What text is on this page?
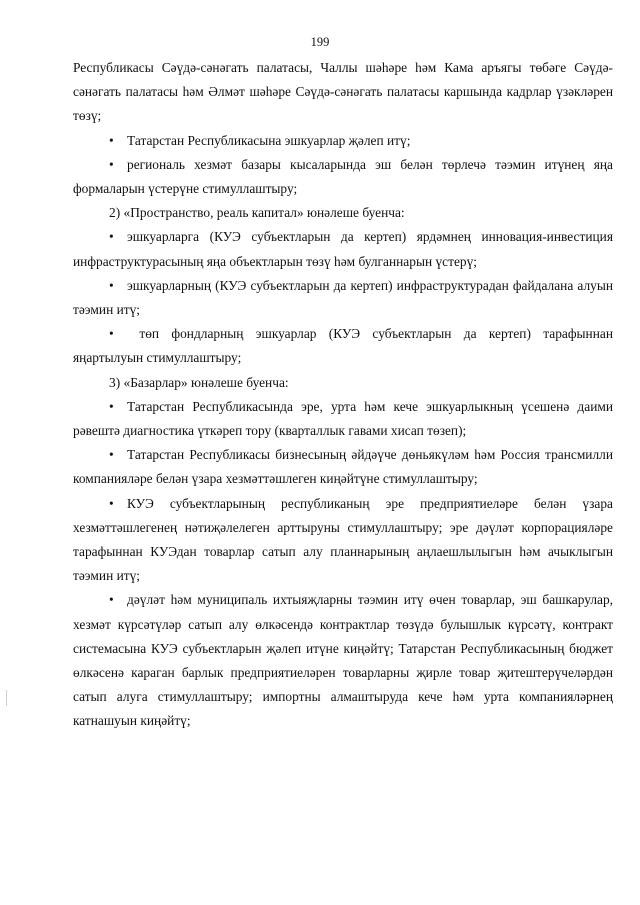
199

Республикасы Сәүдә-сәнәгать палатасы, Чаллы шәһәре һәм Кама аръягы төбәге Сәүдә-сәнәгать палатасы һәм Әлмәт шәһәре Сәүдә-сәнәгать палатасы каршында кадрлар үзәкләрен төзү;

• Татарстан Республикасына эшкуарлар җәлеп итү;

• региональ хезмәт базары кысаларында эш белән төрлечә тәэмин итүнең яңа формаларын үстерүне стимуллаштыру;

2) «Пространство, реаль капитал» юнәлеше буенча:

• эшкуарларга (КУЭ субъектларын да кертеп) ярдәмнең инновация-инвестиция инфраструктурасының яңа объектларын төзү һәм булганнарын үстерү;

• эшкуарларның (КУЭ субъектларын да кертеп) инфраструктурадан файдалана алуын тәэмин итү;

• төп фондларның эшкуарлар (КУЭ субъектларын да кертеп) тарафыннан яңартылуын стимуллаштыру;

3) «Базарлар» юнәлеше буенча:

• Татарстан Республикасында эре, урта һәм кече эшкуарлыкның үсешенә даими рәвештә диагностика үткәреп тору (кварталлык гавами хисап төзеп);

• Татарстан Республикасы бизнесының әйдәүче дөньякүләм һәм Россия трансмилли компанияләре белән үзара хезмәттәшлеген киңәйтүне стимуллаштыру;

• КУЭ субъектларының республиканың эре предприятиеләре белән үзара хезмәттәшлегенең нәтиҗәлелеген арттыруны стимуллаштыру; эре дәүләт корпорацияләре тарафыннан КУЭдан товарлар сатып алу планнарының аңлаешлылыгын һәм ачыклыгын тәэмин итү;

• дәүләт һәм муниципаль ихтыяҗларны тәэмин итү өчен товарлар, эш башкарулар, хезмәт күрсәтүләр сатып алу өлкәсендә контрактлар төзүдә булышлык күрсәтү, контракт системасына КУЭ субъектларын җәлеп итүне киңәйтү; Татарстан Республикасының бюджет өлкәсенә караган барлык предприятиеләрен товарларны җирле товар җитештерүчеләрдән сатып алуга стимуллаштыру; импортны алмаштыруда кече һәм урта компанияләрнең катнашуын киңәйтү;
